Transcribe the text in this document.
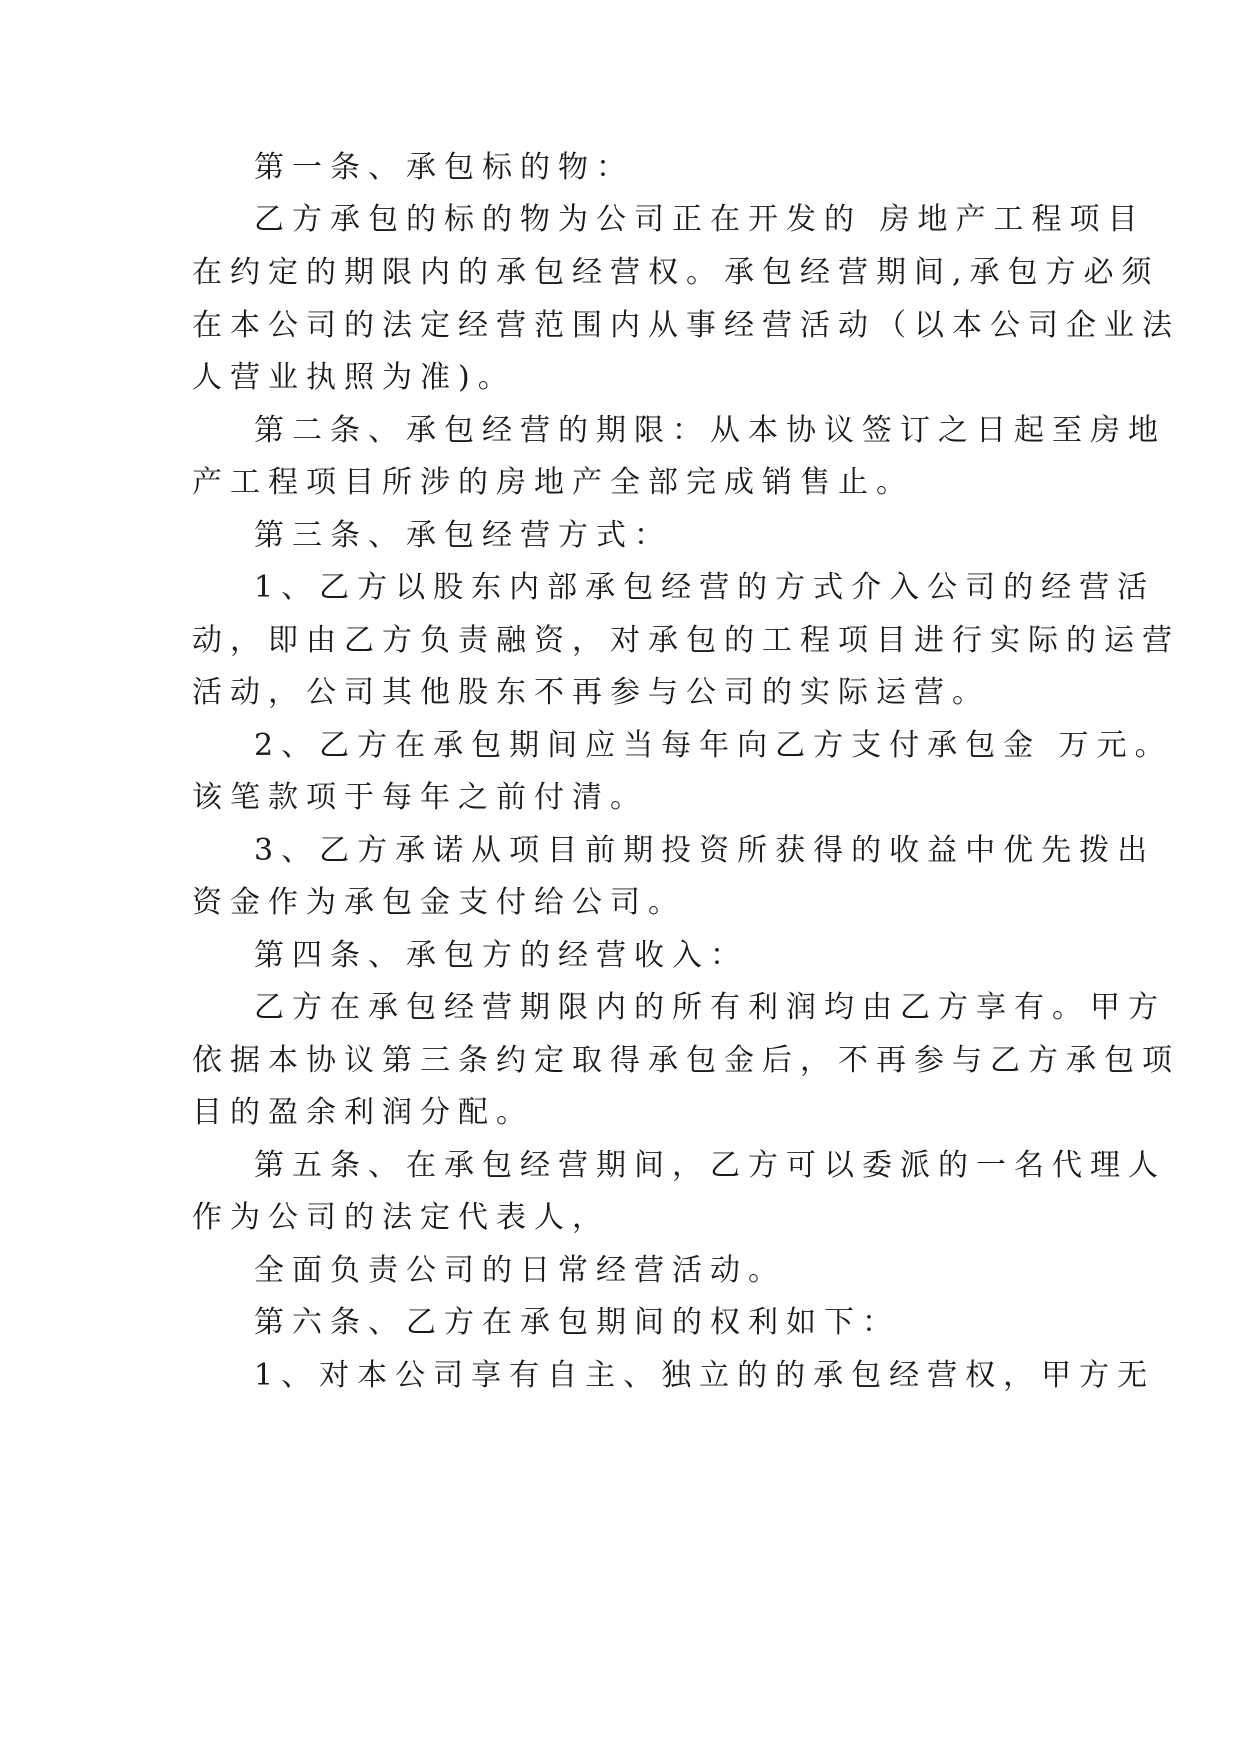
第一条、承包标的物：
乙方承包的标的物为公司正在开发的 房地产工程项目
在约定的期限内的承包经营权。承包经营期间,承包方必须
在本公司的法定经营范围内从事经营活动（以本公司企业法
人营业执照为准)。
第二条、承包经营的期限：从本协议签订之日起至房地
产工程项目所涉的房地产全部完成销售止。
第三条、承包经营方式：
1、乙方以股东内部承包经营的方式介入公司的经营活
动，即由乙方负责融资，对承包的工程项目进行实际的运营
活动，公司其他股东不再参与公司的实际运营。
2、乙方在承包期间应当每年向乙方支付承包金 万元。
该笔款项于每年之前付清。
3、乙方承诺从项目前期投资所获得的收益中优先拨出
资金作为承包金支付给公司。
第四条、承包方的经营收入：
乙方在承包经营期限内的所有利润均由乙方享有。甲方
依据本协议第三条约定取得承包金后，不再参与乙方承包项
目的盈余利润分配。
第五条、在承包经营期间，乙方可以委派的一名代理人
作为公司的法定代表人，
全面负责公司的日常经营活动。
第六条、乙方在承包期间的权利如下：
1、对本公司享有自主、独立的的承包经营权，甲方无
